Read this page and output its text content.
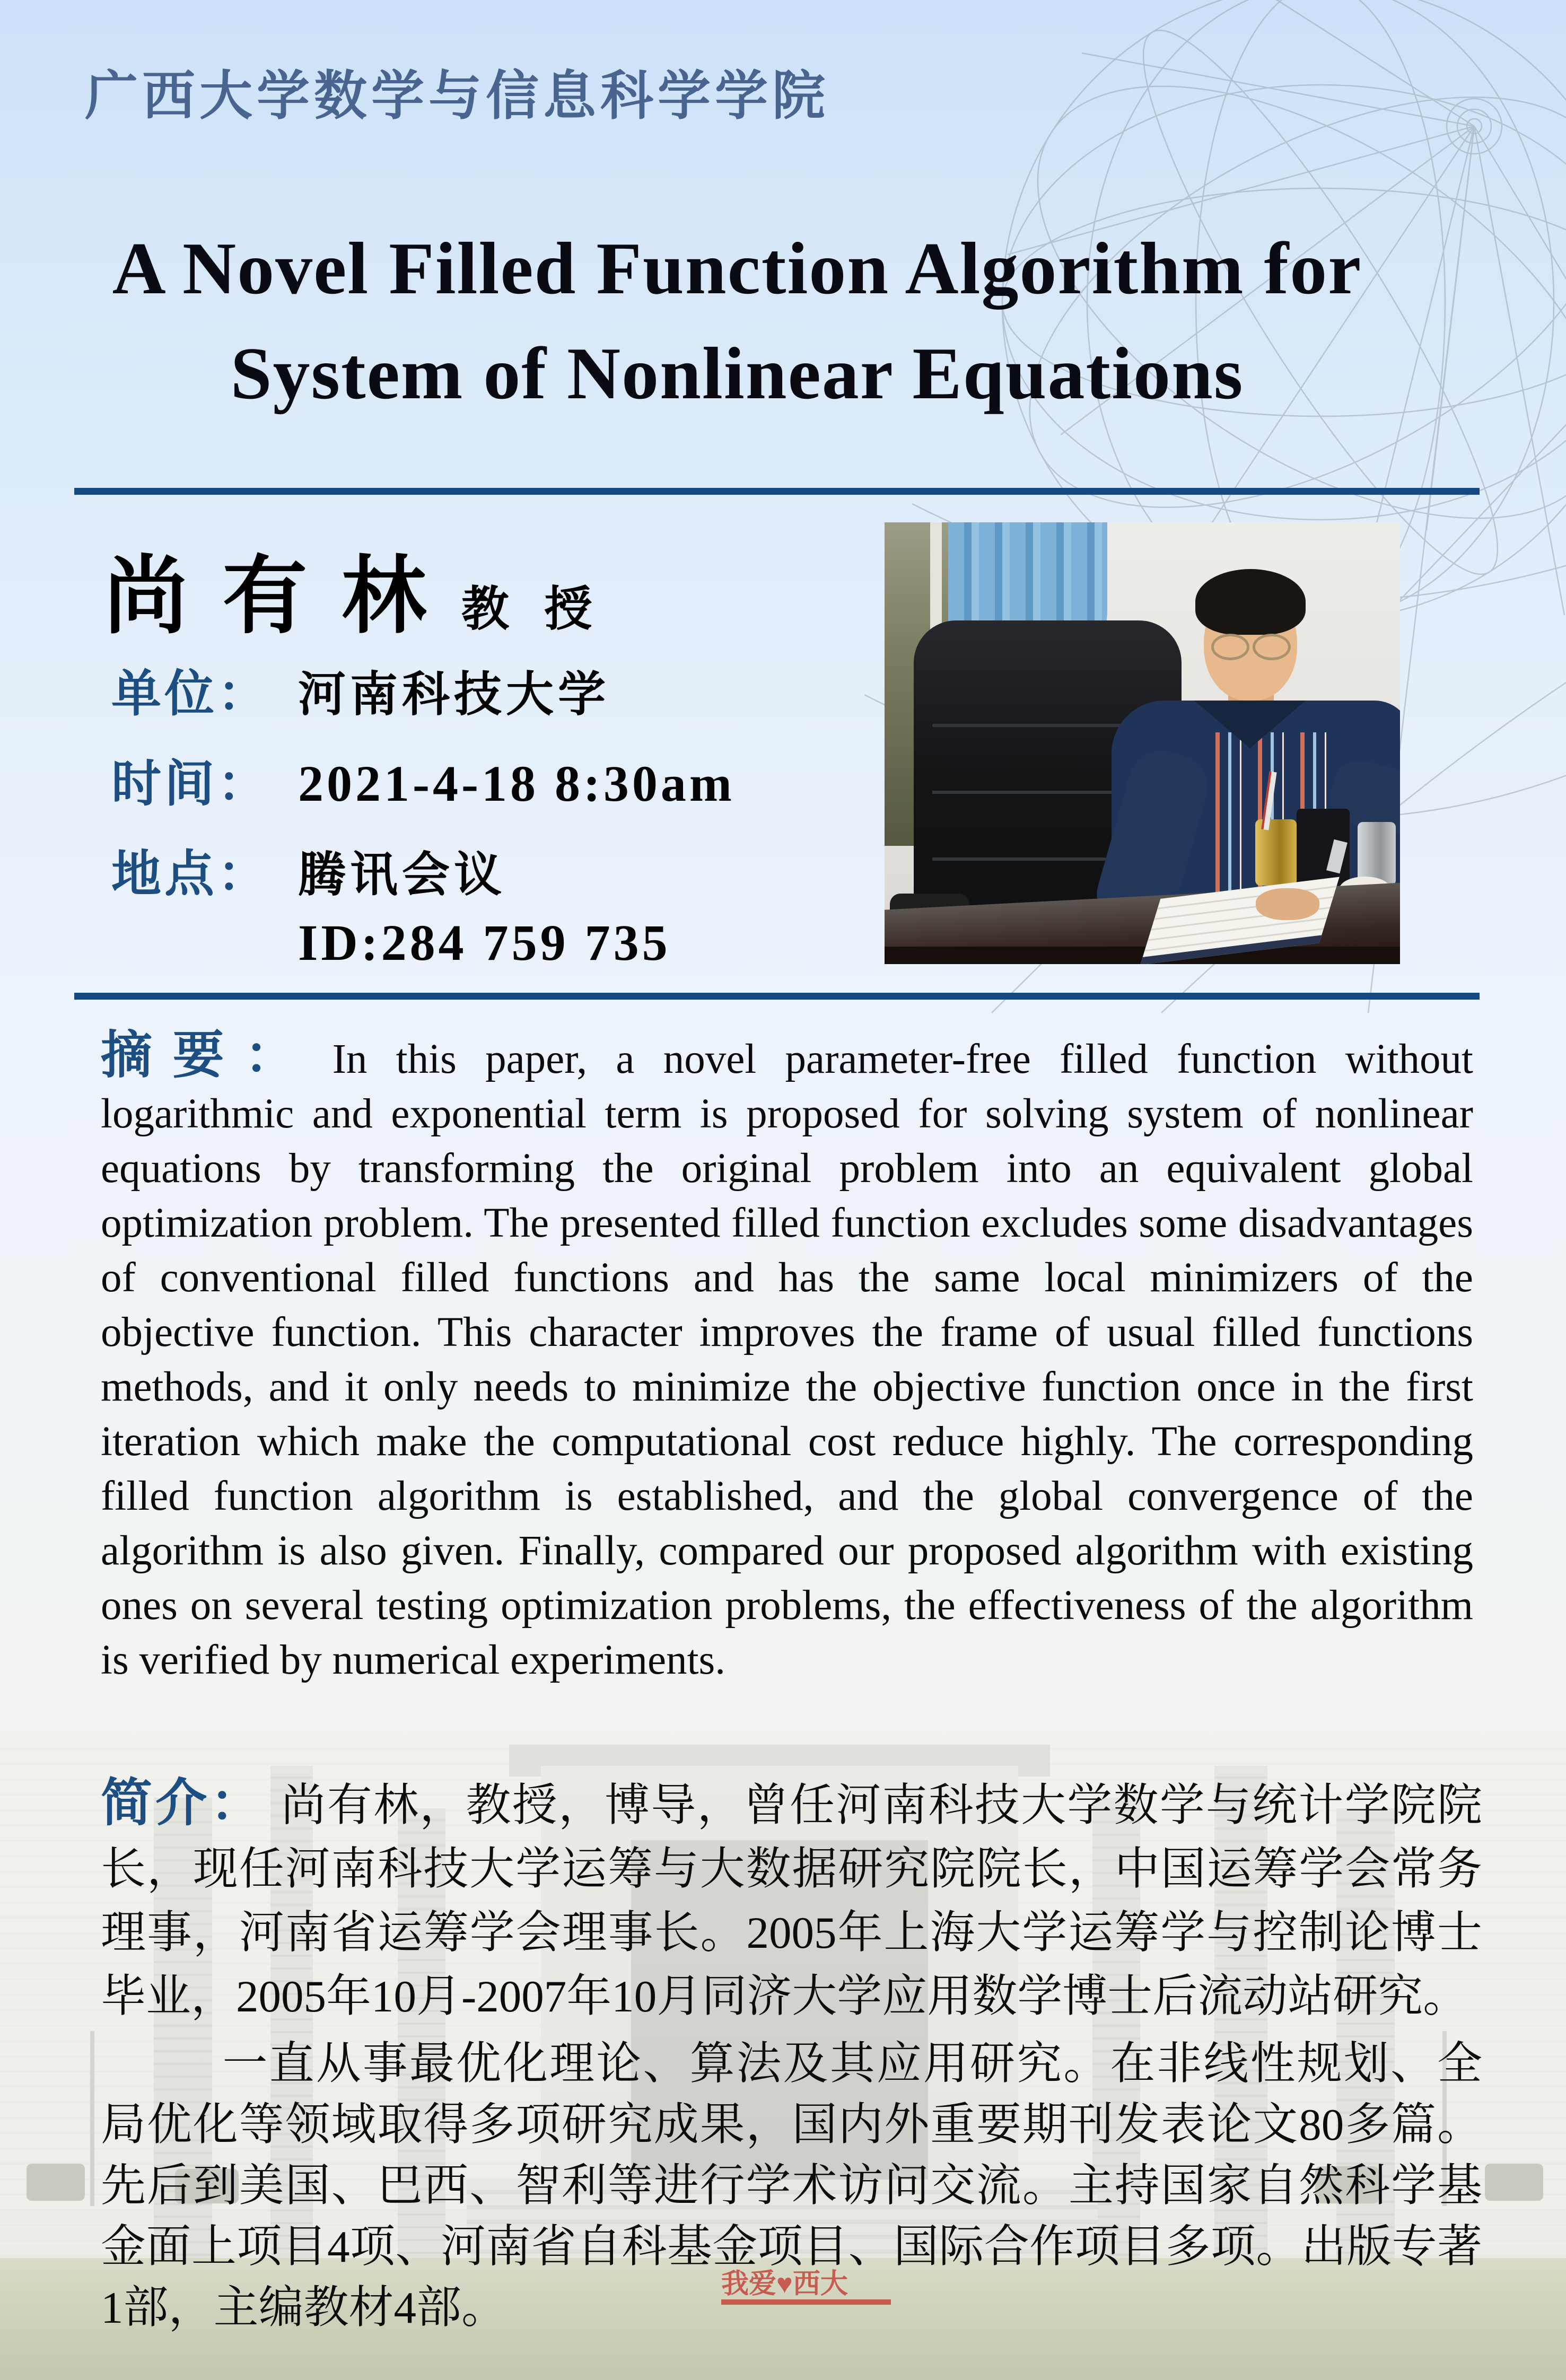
我爱♥西大
广西大学数学与信息科学学院
A Novel Filled Function Algorithm for
System of Nonlinear Equations
尚 有 林 教 授
单位： 河南科技大学
时间： 2021-4-18 8:30am
地点： 腾讯会议
ID:284 759 735

摘要： In this paper, a novel parameter-free filled function without logarithmic and exponential term is proposed for solving system of nonlinear equations by transforming the original problem into an equivalent global optimization problem. The presented filled function excludes some disadvantages of conventional filled functions and has the same local minimizers of the objective function. This character improves the frame of usual filled functions methods, and it only needs to minimize the objective function once in the first iteration which make the computational cost reduce highly. The corresponding filled function algorithm is established, and the global convergence of the algorithm is also given. Finally, compared our proposed algorithm with existing ones on several testing optimization problems, the effectiveness of the algorithm is verified by numerical experiments.

简介： 尚有林，教授，博导，曾任河南科技大学数学与统计学院院长，现任河南科技大学运筹与大数据研究院院长，中国运筹学会常务理事，河南省运筹学会理事长。2005年上海大学运筹学与控制论博士毕业，2005年10月-2007年10月同济大学应用数学博士后流动站研究。

一直从事最优化理论、算法及其应用研究。在非线性规划、全局优化等领域取得多项研究成果，国内外重要期刊发表论文80多篇。先后到美国、巴西、智利等进行学术访问交流。主持国家自然科学基金面上项目4项、河南省自科基金项目、国际合作项目多项。出版专著1部，主编教材4部。
